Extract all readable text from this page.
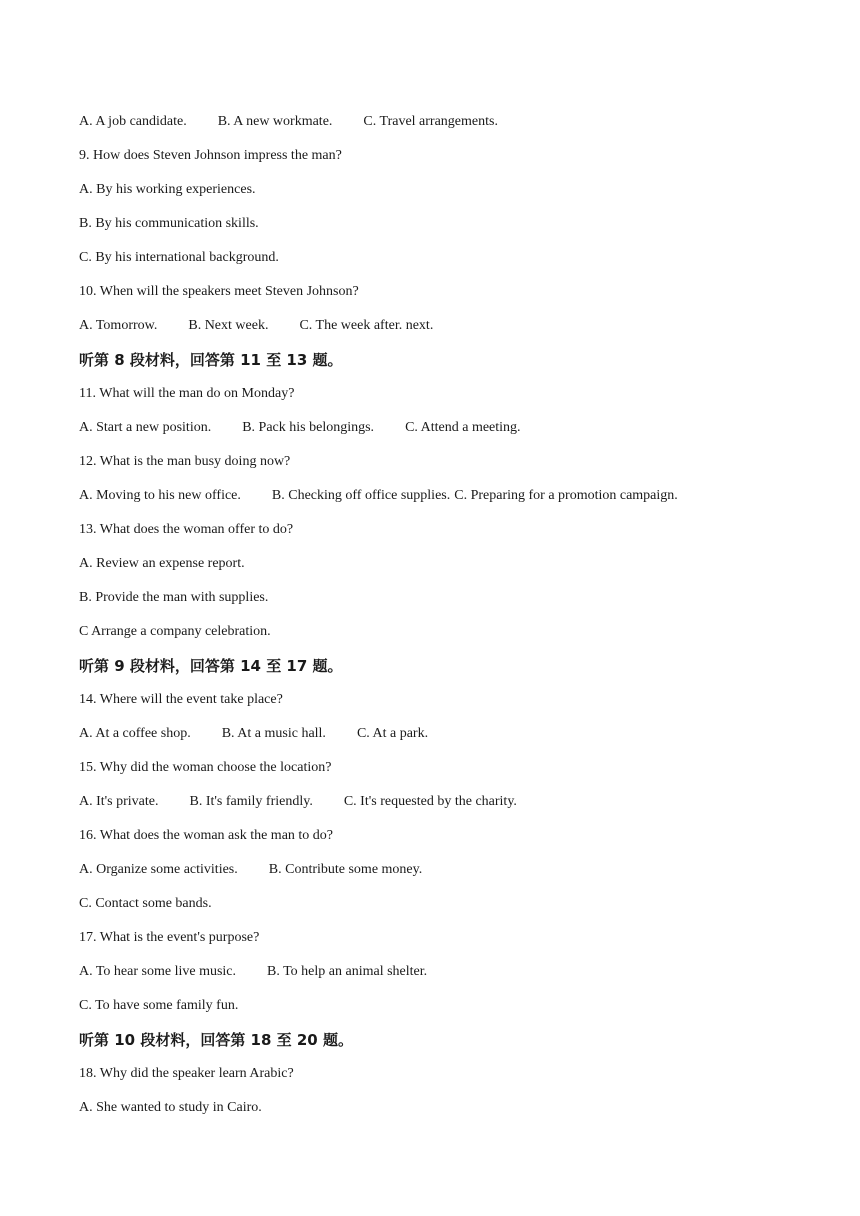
A. A job candidate. B. A new workmate. C. Travel arrangements.
9. How does Steven Johnson impress the man?
A. By his working experiences.
B. By his communication skills.
C. By his international background.
10. When will the speakers meet Steven Johnson?
A. Tomorrow. B. Next week. C. The week after. next.
听第 8 段材料，回答第 11 至 13 题。
11. What will the man do on Monday?
A. Start a new position. B. Pack his belongings. C. Attend a meeting.
12. What is the man busy doing now?
A. Moving to his new office. B. Checking off office supplies. C. Preparing for a promotion campaign.
13. What does the woman offer to do?
A. Review an expense report.
B. Provide the man with supplies.
C Arrange a company celebration.
听第 9 段材料，回答第 14 至 17 题。
14. Where will the event take place?
A. At a coffee shop. B. At a music hall. C. At a park.
15. Why did the woman choose the location?
A. It's private. B. It's family friendly. C. It's requested by the charity.
16. What does the woman ask the man to do?
A. Organize some activities. B. Contribute some money.
C. Contact some bands.
17. What is the event's purpose?
A. To hear some live music. B. To help an animal shelter.
C. To have some family fun.
听第 10 段材料，回答第 18 至 20 题。
18. Why did the speaker learn Arabic?
A. She wanted to study in Cairo.
